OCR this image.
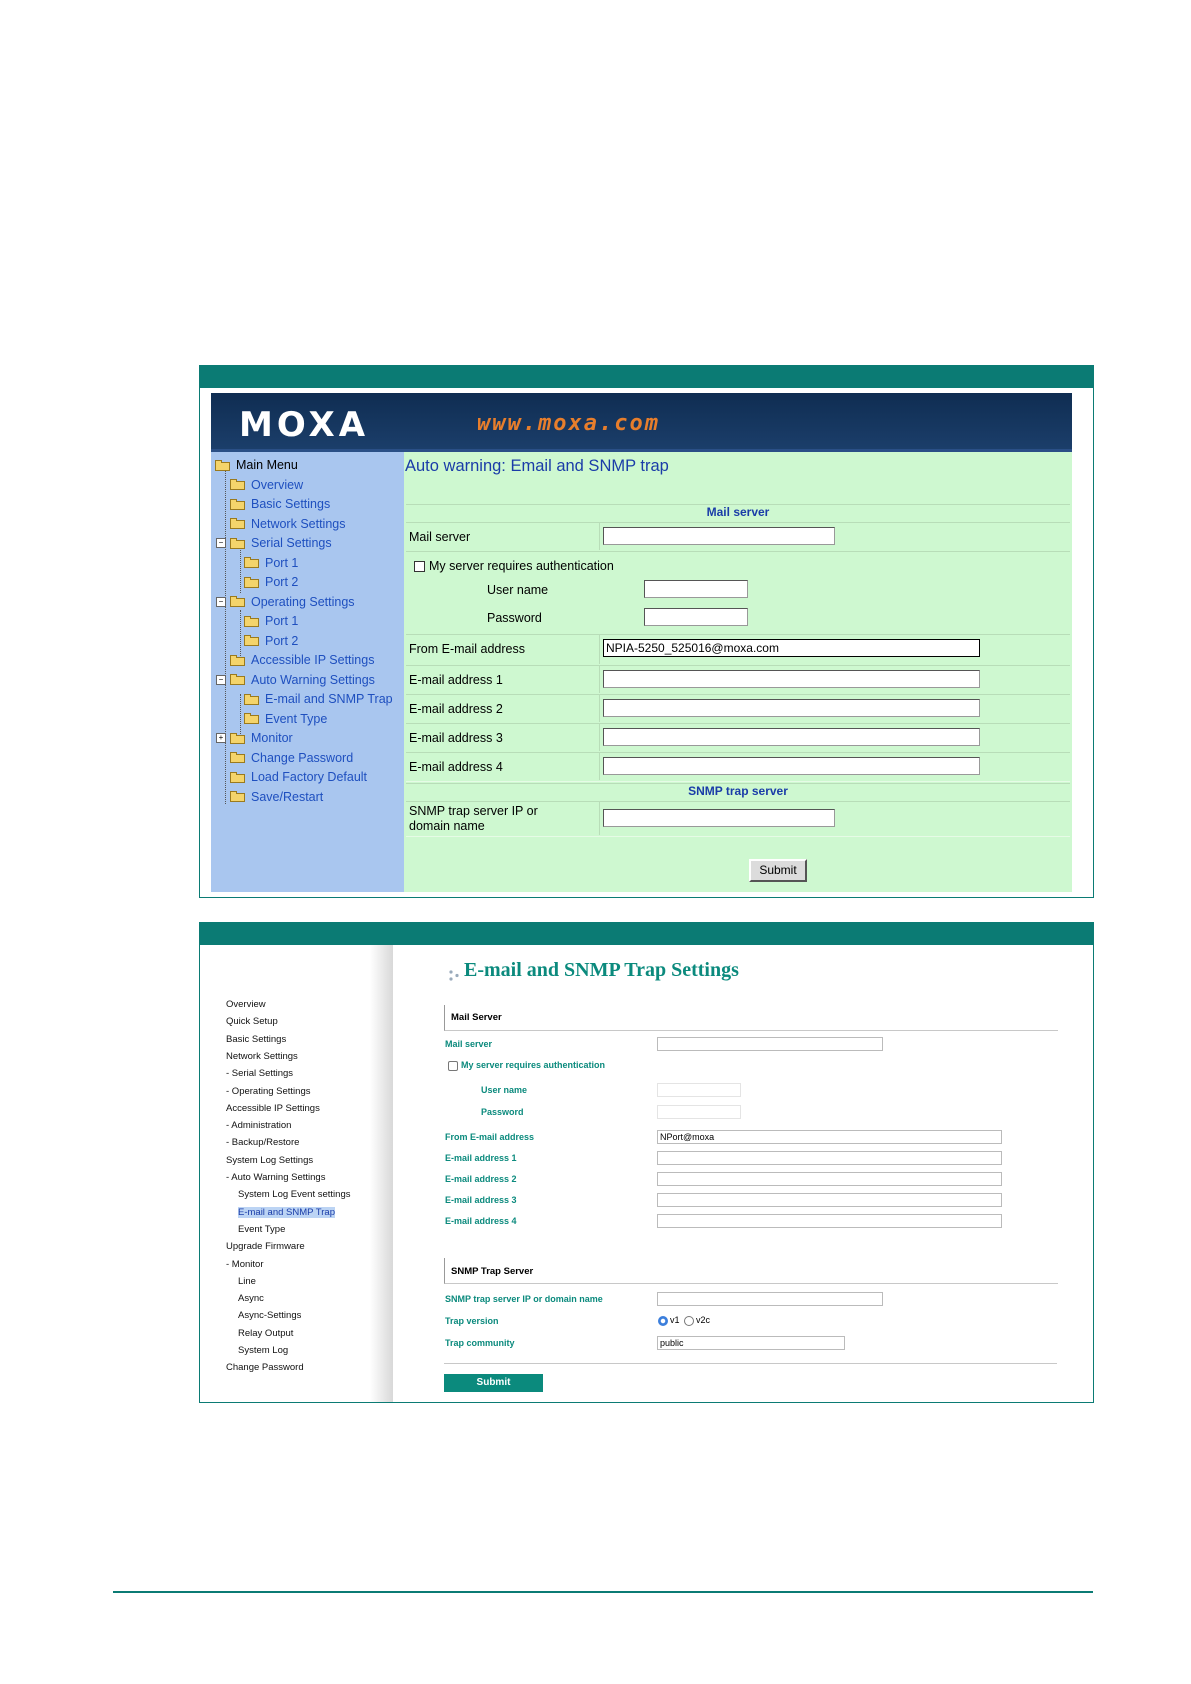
MOXA	www.moxa.com
Main Menu
Overview
Basic Settings
Network Settings
− Serial Settings
Port 1
Port 2
− Operating Settings
Port 1
Port 2
Accessible IP Settings
− Auto Warning Settings
E-mail and SNMP Trap
Event Type
+ Monitor
Change Password
Load Factory Default
Save/Restart
Auto warning: Email and SNMP trap
Mail server
Mail server
My server requires authentication
User name
Password
From E-mail address
NPIA-5250_525016@moxa.com
E-mail address 1
E-mail address 2
E-mail address 3
E-mail address 4
SNMP trap server
SNMP trap server IP or
domain name
Submit
Overview
Quick Setup
Basic Settings
Network Settings
- Serial Settings
- Operating Settings
Accessible IP Settings
- Administration
- Backup/Restore
System Log Settings
- Auto Warning Settings
System Log Event settings
E-mail and SNMP Trap
Event Type
Upgrade Firmware
- Monitor
Line
Async
Async-Settings
Relay Output
System Log
Change Password
E-mail and SNMP Trap Settings
Mail Server
Mail server
My server requires authentication
User name
Password
From E-mail address
NPort@moxa
E-mail address 1
E-mail address 2
E-mail address 3
E-mail address 4
SNMP Trap Server
SNMP trap server IP or domain name
Trap version	v1 v2c
Trap community
public
Submit
